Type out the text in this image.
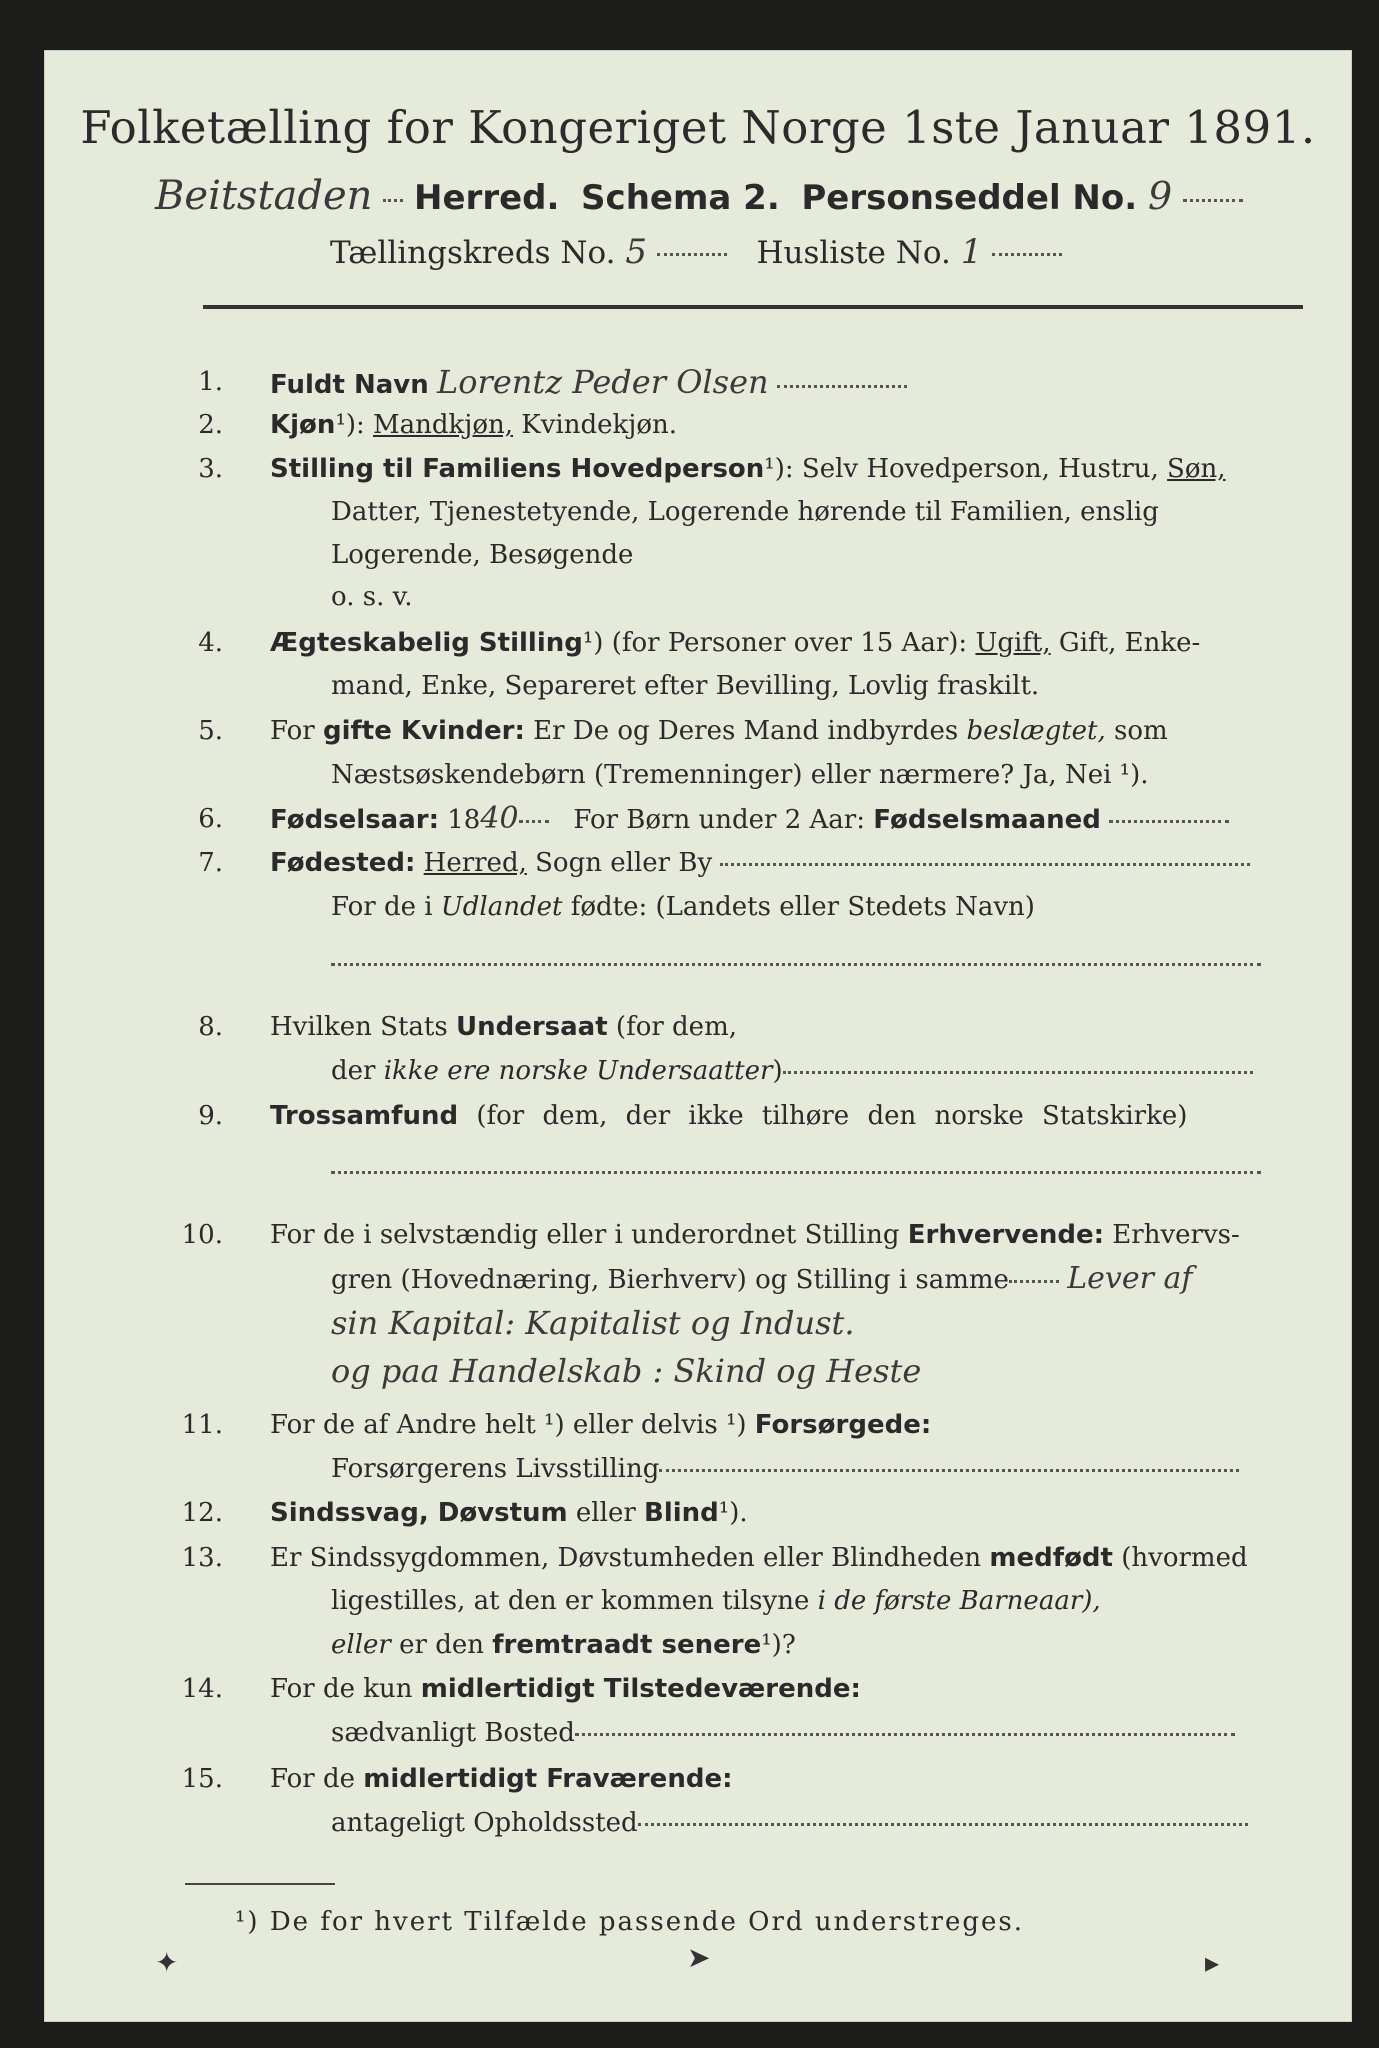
Folketælling for Kongeriget Norge 1ste Januar 1891.
Beitstaden Herred. Schema 2. Personseddel No. 9
Tællingskreds No. 5	Husliste No. 1
1. Fuldt Navn Lorentz Peder Olsen
2. Kjøn¹): Mandkjøn, Kvindekjøn.
3. Stilling til Familiens Hovedperson¹): Selv Hovedperson, Hustru, Søn,
Datter, Tjenestetyende, Logerende hørende til Familien, enslig
Logerende, Besøgende
o. s. v.
4. Ægteskabelig Stilling¹) (for Personer over 15 Aar): Ugift, Gift, Enke-
mand, Enke, Separeret efter Bevilling, Lovlig fraskilt.
5. For gifte Kvinder: Er De og Deres Mand indbyrdes beslægtet, som
Næstsøskendebørn (Tremenninger) eller nærmere? Ja, Nei ¹).
6. Fødselsaar: 1840 For Børn under 2 Aar: Fødselsmaaned
7. Fødested: Herred, Sogn eller By
For de i Udlandet fødte: (Landets eller Stedets Navn)
8. Hvilken Stats Undersaat (for dem,
der ikke ere norske Undersaatter)
9. Trossamfund (for dem, der ikke tilhøre den norske Statskirke)
10. For de i selvstændig eller i underordnet Stilling Erhvervende: Erhvervs-
gren (Hovednæring, Bierhverv) og Stilling i samme Lever af
sin Kapital: Kapitalist og Indust.
og paa Handelskab : Skind og Heste
11. For de af Andre helt ¹) eller delvis ¹) Forsørgede:
Forsørgerens Livsstilling
12. Sindssvag, Døvstum eller Blind¹).
13. Er Sindssygdommen, Døvstumheden eller Blindheden medfødt (hvormed
ligestilles, at den er kommen tilsyne i de første Barneaar),
eller er den fremtraadt senere¹)?
14. For de kun midlertidigt Tilstedeværende:
sædvanligt Bosted
15. For de midlertidigt Fraværende:
antageligt Opholdssted
¹) De for hvert Tilfælde passende Ord understreges.
✦	➤	▸
